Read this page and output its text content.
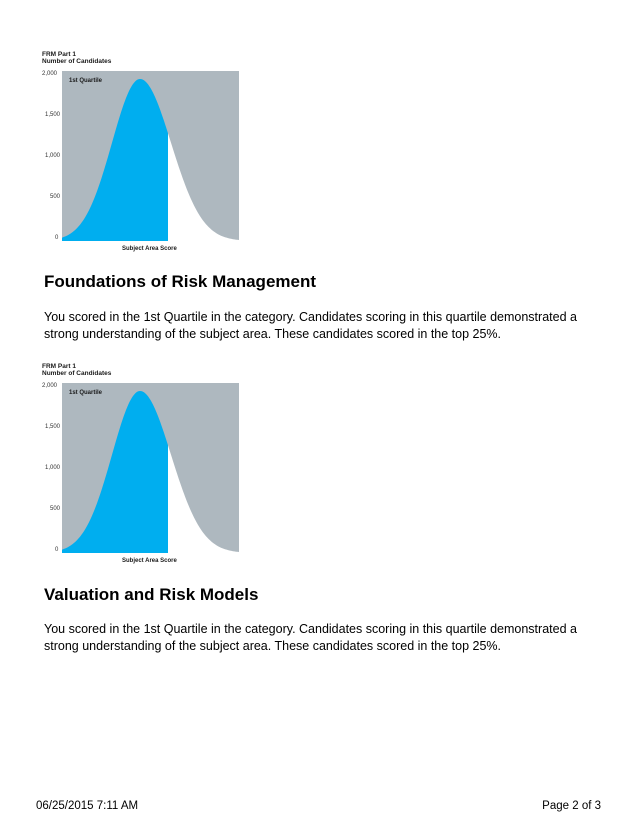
FRM Part 1
Number of Candidates
2,000
1,500
1,000
500
0
1st Quartile
Subject Area Score
Foundations of Risk Management

You scored in the 1st Quartile in the category. Candidates scoring in this quartile demonstrated a strong understanding of the subject area. These candidates scored in the top 25%.

FRM Part 1
Number of Candidates
2,000
1,500
1,000
500
0
1st Quartile
Subject Area Score
Valuation and Risk Models

You scored in the 1st Quartile in the category. Candidates scoring in this quartile demonstrated a strong understanding of the subject area. These candidates scored in the top 25%.

06/25/2015 7:11 AM	Page 2 of 3
